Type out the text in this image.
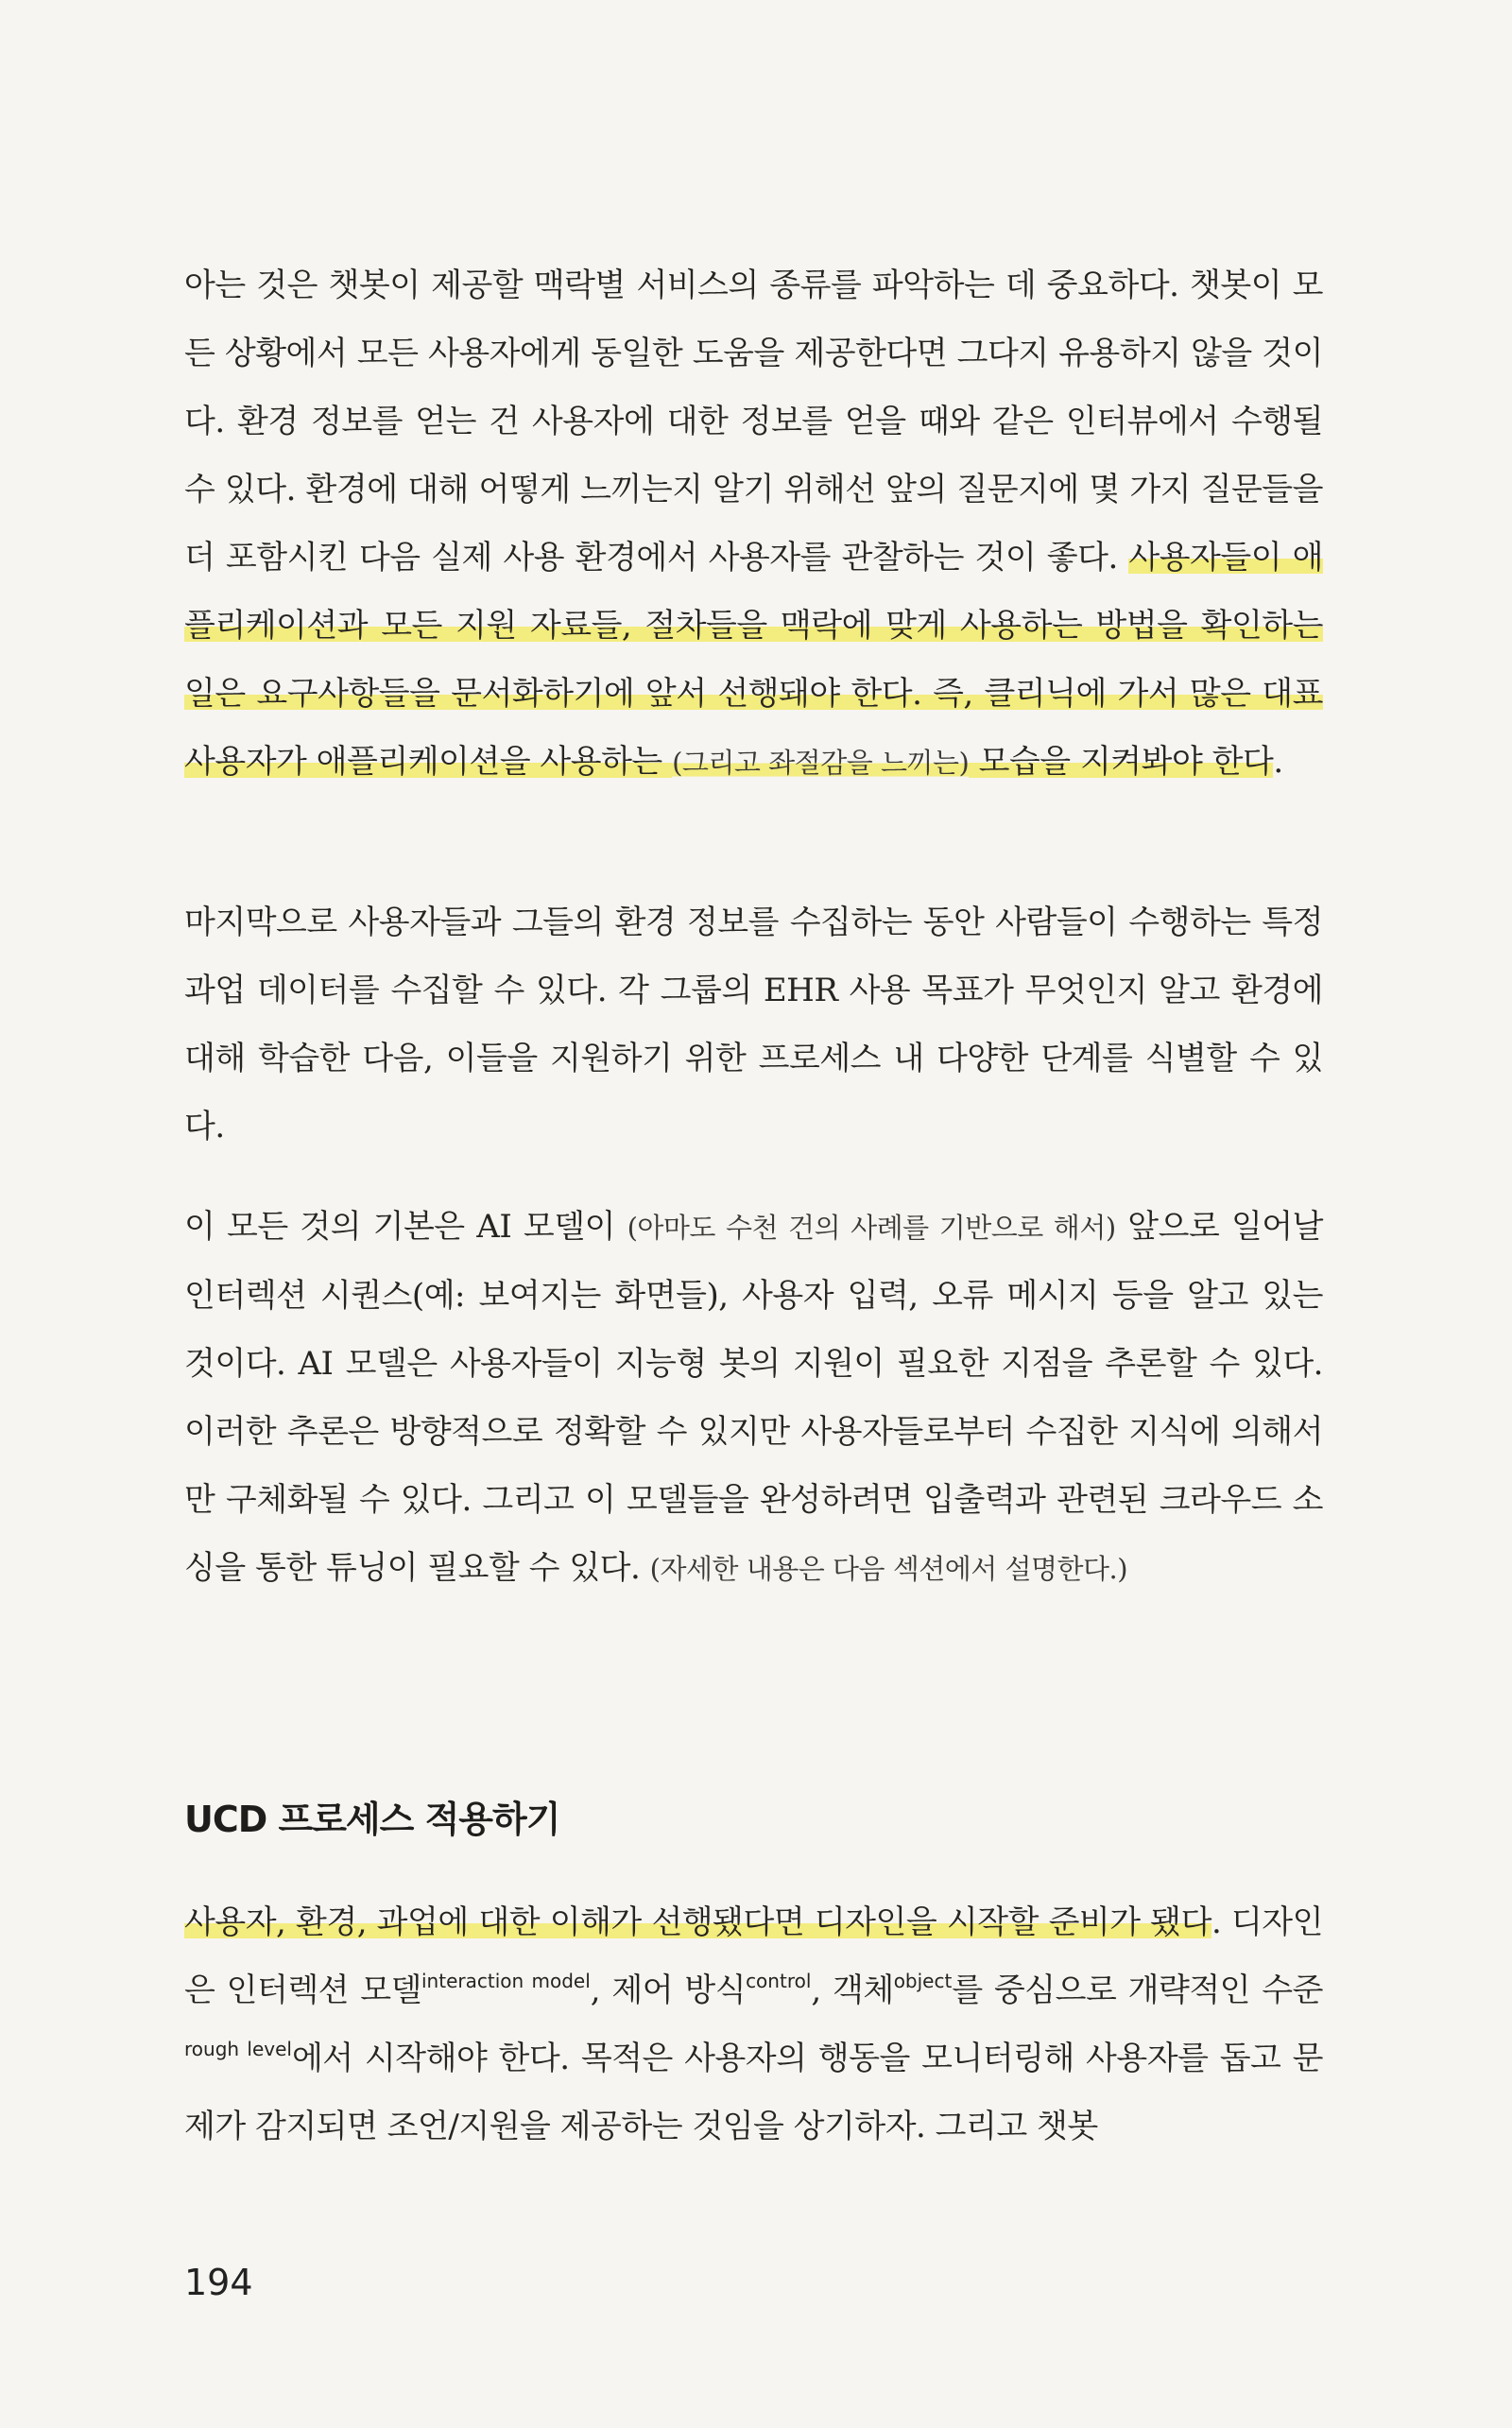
아는 것은 챗봇이 제공할 맥락별 서비스의 종류를 파악하는 데 중요하다. 챗봇이 모든 상황에서 모든 사용자에게 동일한 도움을 제공한다면 그다지 유용하지 않을 것이다. 환경 정보를 얻는 건 사용자에 대한 정보를 얻을 때와 같은 인터뷰에서 수행될 수 있다. 환경에 대해 어떻게 느끼는지 알기 위해선 앞의 질문지에 몇 가지 질문들을 더 포함시킨 다음 실제 사용 환경에서 사용자를 관찰하는 것이 좋다. 사용자들이 애플리케이션과 모든 지원 자료들, 절차들을 맥락에 맞게 사용하는 방법을 확인하는 일은 요구사항들을 문서화하기에 앞서 선행돼야 한다. 즉, 클리닉에 가서 많은 대표 사용자가 애플리케이션을 사용하는 (그리고 좌절감을 느끼는) 모습을 지켜봐야 한다.

마지막으로 사용자들과 그들의 환경 정보를 수집하는 동안 사람들이 수행하는 특정 과업 데이터를 수집할 수 있다. 각 그룹의 EHR 사용 목표가 무엇인지 알고 환경에 대해 학습한 다음, 이들을 지원하기 위한 프로세스 내 다양한 단계를 식별할 수 있다.

이 모든 것의 기본은 AI 모델이 (아마도 수천 건의 사례를 기반으로 해서) 앞으로 일어날 인터렉션 시퀀스(예: 보여지는 화면들), 사용자 입력, 오류 메시지 등을 알고 있는 것이다. AI 모델은 사용자들이 지능형 봇의 지원이 필요한 지점을 추론할 수 있다. 이러한 추론은 방향적으로 정확할 수 있지만 사용자들로부터 수집한 지식에 의해서만 구체화될 수 있다. 그리고 이 모델들을 완성하려면 입출력과 관련된 크라우드 소싱을 통한 튜닝이 필요할 수 있다. (자세한 내용은 다음 섹션에서 설명한다.)

UCD 프로세스 적용하기

사용자, 환경, 과업에 대한 이해가 선행됐다면 디자인을 시작할 준비가 됐다. 디자인은 인터렉션 모델$^{interaction model}$, 제어 방식$^{control}$, 객체$^{object}$를 중심으로 개략적인 수준$^{rough level}$에서 시작해야 한다. 목적은 사용자의 행동을 모니터링해 사용자를 돕고 문제가 감지되면 조언/지원을 제공하는 것임을 상기하자. 그리고 챗봇

194
